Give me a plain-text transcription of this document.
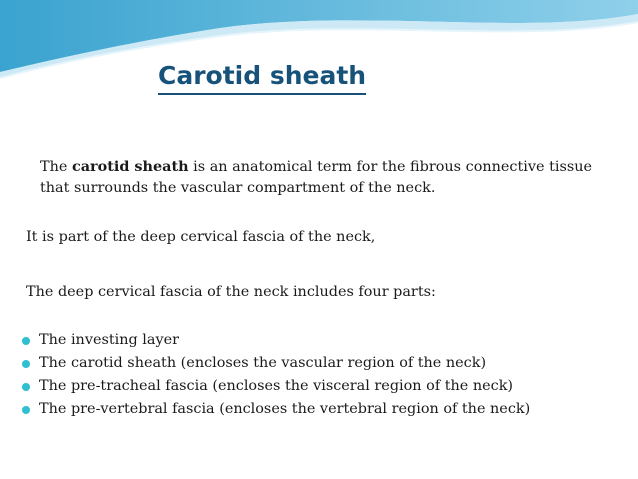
Carotid sheath

The carotid sheath is an anatomical term for the fibrous connective tissue that surrounds the vascular compartment of the neck.

It is part of the deep cervical fascia of the neck,

The deep cervical fascia of the neck includes four parts:

The investing layer
The carotid sheath (encloses the vascular region of the neck)
The pre-tracheal fascia (encloses the visceral region of the neck)
The pre-vertebral fascia (encloses the vertebral region of the neck)
